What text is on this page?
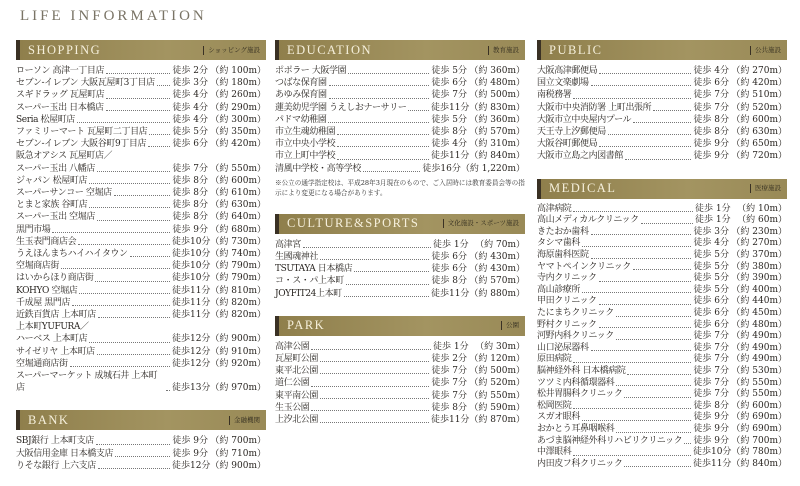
LIFE INFORMATION
SHOPPING	ショッピング施設
ローソン 高津一丁目店	徒歩 2分 （約 100m）
セブン-イレブン 大阪瓦屋町3丁目店 徒歩 3分 （約 180m）
スギドラッグ 瓦屋町店	徒歩 4分 （約 260m）
スーパー玉出 日本橋店	徒歩 4分 （約 290m）
Seria 松屋町店	徒歩 4分 （約 300m）
ファミリーマート 瓦屋町二丁目店	徒歩 5分 （約 350m）
セブン-イレブン 大阪谷町9丁目店	徒歩 6分 （約 420m）
阪急オアシス 瓦屋町店／
スーパー玉出 八幡店	徒歩 7分 （約 550m）
ジャパン 松屋町店	徒歩 8分 （約 600m）
スーパーサンコー 空堀店	徒歩 8分 （約 610m）
とまと家族 谷町店	徒歩 8分 （約 630m）
スーパー玉出 空堀店	徒歩 8分 （約 640m）
黒門市場	徒歩 9分 （約 680m）
生玉表門商店会	徒歩10分 （約 730m）
うえほんまちハイハイタウン	徒歩10分 （約 740m）
空堀商店街	徒歩10分 （約 790m）
はいからほり商店街	徒歩10分 （約 790m）
KOHYO 空堀店	徒歩11分 （約 810m）
千成屋 黒門店	徒歩11分 （約 820m）
近鉄百貨店 上本町店	徒歩11分 （約 820m）
上本町YUFURA／
ハーベス 上本町店	徒歩12分 （約 900m）
サイゼリヤ 上本町店	徒歩12分 （約 910m）
空堀通商店街	徒歩12分 （約 920m）
スーパーマーケット 成城石井 上本町店	徒歩13分 （約 970m）
BANK	金融機関
SBJ銀行 上本町支店	徒歩 9分 （約 700m）
大阪信用金庫 日本橋支店	徒歩 9分 （約 710m）
りそな銀行 上六支店	徒歩12分 （約 900m）
EDUCATION	教育施設
ポポラー 大阪学園	徒歩 5分 （約 360m）
つばな保育園	徒歩 6分 （約 480m）
あゆみ保育園	徒歩 7分 （約 500m）
蓮美幼児学園 うえしおナーサリー	徒歩11分 （約 830m）
パドマ幼稚園	徒歩 5分 （約 360m）
市立生魂幼稚園	徒歩 8分 （約 570m）
市立中央小学校	徒歩 4分 （約 310m）
市立上町中学校	徒歩11分 （約 840m）
清風中学校・高等学校	徒歩16分 （約 1,220m）
※公立の通学指定校は、平成28年3月現在のもので、ご入居時には教育委員会等の指示により変更になる場合があります。
CULTURE&SPORTS	文化施設・スポーツ施設
高津宮	徒歩 1分 （約 70m）
生國魂神社	徒歩 6分 （約 430m）
TSUTAYA 日本橋店	徒歩 6分 （約 430m）
コ・ス・パ上本町	徒歩 8分 （約 570m）
JOYFIT24上本町	徒歩11分 （約 880m）
PARK	公園
高津公園	徒歩 1分 （約 30m）
瓦屋町公園	徒歩 2分 （約 120m）
東平北公園	徒歩 7分 （約 500m）
道仁公園	徒歩 7分 （約 520m）
東平南公園	徒歩 7分 （約 550m）
生玉公園	徒歩 8分 （約 590m）
上汐北公園	徒歩11分 （約 870m）
PUBLIC	公共施設
大阪高津郵便局	徒歩 4分 （約 270m）
国立文楽劇場	徒歩 6分 （約 420m）
南税務署	徒歩 7分 （約 510m）
大阪市中央消防署 上町出張所	徒歩 7分 （約 520m）
大阪市立中央屋内プール	徒歩 8分 （約 600m）
天王寺上汐郵便局	徒歩 8分 （約 630m）
大阪谷町郵便局	徒歩 9分 （約 650m）
大阪市立島之内図書館	徒歩 9分 （約 720m）
MEDICAL	医療施設
高津病院	徒歩 1分 （約 10m）
高山メディカルクリニック	徒歩 1分 （約 60m）
きたおか歯科	徒歩 3分 （約 230m）
タシマ歯科	徒歩 4分 （約 270m）
海原歯科医院	徒歩 5分 （約 370m）
ヤマトペインクリニック	徒歩 5分 （約 380m）
寺内クリニック	徒歩 5分 （約 390m）
高山診療所	徒歩 5分 （約 400m）
甲田クリニック	徒歩 6分 （約 440m）
たにまちクリニック	徒歩 6分 （約 450m）
野村クリニック	徒歩 6分 （約 480m）
河野内科クリニック	徒歩 7分 （約 490m）
山口泌尿器科	徒歩 7分 （約 490m）
原田病院	徒歩 7分 （約 490m）
脳神経外科 日本橋病院	徒歩 7分 （約 530m）
ツツミ内科循環器科	徒歩 7分 （約 550m）
松井胃腸科クリニック	徒歩 7分 （約 550m）
松岡医院	徒歩 8分 （約 600m）
スガオ眼科	徒歩 9分 （約 690m）
おかとう耳鼻咽喉科	徒歩 9分 （約 690m）
あづま脳神経外科リハビリクリニック 徒歩 9分 （約 700m）
中澤眼科	徒歩10分 （約 780m）
内田皮フ科クリニック	徒歩11分 （約 840m）
